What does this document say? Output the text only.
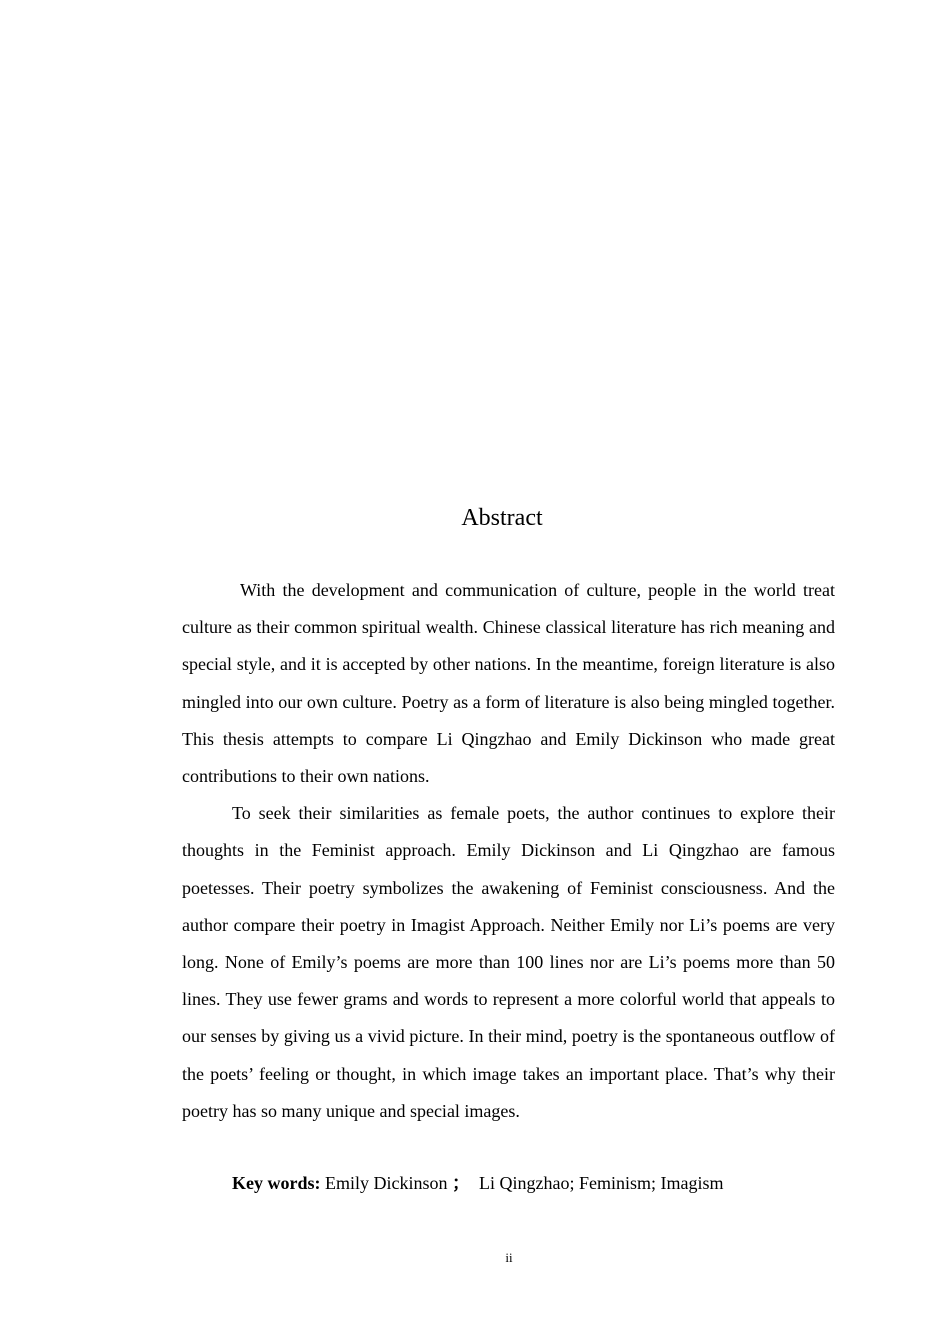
Abstract

With the development and communication of culture, people in the world treat culture as their common spiritual wealth. Chinese classical literature has rich meaning and special style, and it is accepted by other nations. In the meantime, foreign literature is also mingled into our own culture. Poetry as a form of literature is also being mingled together. This thesis attempts to compare Li Qingzhao and Emily Dickinson who made great contributions to their own nations.

To seek their similarities as female poets, the author continues to explore their thoughts in the Feminist approach. Emily Dickinson and Li Qingzhao are famous poetesses. Their poetry symbolizes the awakening of Feminist consciousness. And the author compare their poetry in Imagist Approach. Neither Emily nor Li’s poems are very long. None of Emily’s poems are more than 100 lines nor are Li’s poems more than 50 lines. They use fewer grams and words to represent a more colorful world that appeals to our senses by giving us a vivid picture. In their mind, poetry is the spontaneous outflow of the poets’ feeling or thought, in which image takes an important place. That’s why their poetry has so many unique and special images.

Key words: Emily Dickinson ； Li Qingzhao; Feminism; Imagism
ii
